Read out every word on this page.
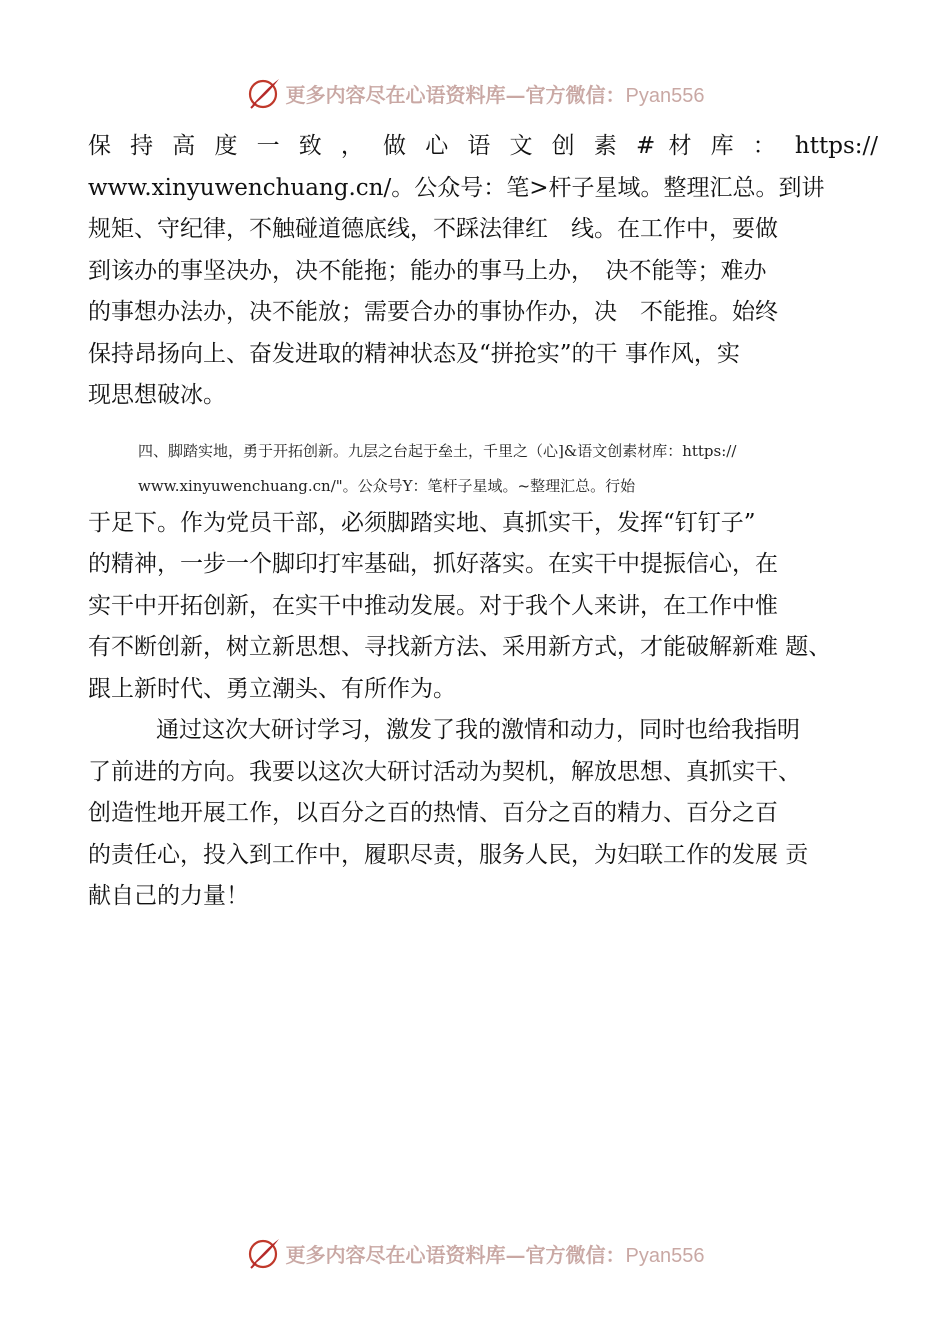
更多内容尽在心语资料库—官方微信：Pyan556
保 持 高 度 一 致 ， 做 心 语 文 创 素 # 材 库 ： https://
www.xinyuwenchuang.cn/。公众号：笔>杆子星域。整理汇总。到讲
规矩、守纪律，不触碰道德底线，不踩法律红　线。在工作中，要做
到该办的事坚决办，决不能拖；能办的事马上办，　决不能等；难办
的事想办法办，决不能放；需要合办的事协作办，决　不能推。始终
保持昂扬向上、奋发进取的精神状态及“拼抢实”的干 事作风，实
现思想破冰。
四、脚踏实地，勇于开拓创新。九层之台起于垒土，千里之（心]&语文创素材库：https://
www.xinyuwenchuang.cn/"。公众号Y：笔杆子星域。~整理汇总。行始
于足下。作为党员干部，必须脚踏实地、真抓实干，发挥“钉钉子”
的精神，一步一个脚印打牢基础，抓好落实。在实干中提振信心，在
实干中开拓创新，在实干中推动发展。对于我个人来讲，在工作中惟
有不断创新，树立新思想、寻找新方法、采用新方式，才能破解新难 题、
跟上新时代、勇立潮头、有所作为。
通过这次大研讨学习，激发了我的激情和动力，同时也给我指明
了前进的方向。我要以这次大研讨活动为契机，解放思想、真抓实干、
创造性地开展工作，以百分之百的热情、百分之百的精力、百分之百
的责任心，投入到工作中，履职尽责，服务人民，为妇联工作的发展 贡
献自己的力量！
更多内容尽在心语资料库—官方微信：Pyan556
